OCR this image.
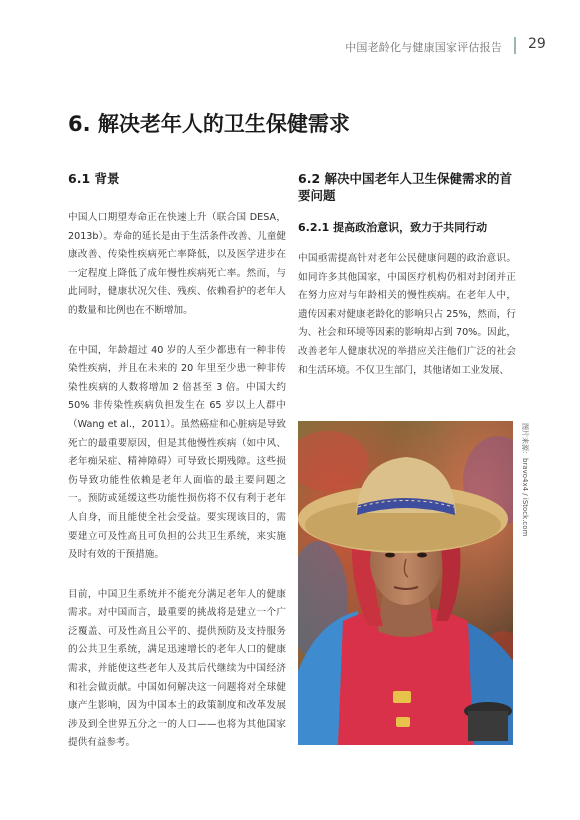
中国老龄化与健康国家评估报告 29
6. 解决老年人的卫生保健需求
6.1 背景

中国人口期望寿命正在快速上升（联合国 DESA，2013b）。寿命的延长是由于生活条件改善、儿童健康改善、传染性疾病死亡率降低，以及医学进步在一定程度上降低了成年慢性疾病死亡率。然而，与此同时，健康状况欠佳、残疾、依赖看护的老年人的数量和比例也在不断增加。

在中国，年龄超过 40 岁的人至少都患有一种非传染性疾病，并且在未来的 20 年里至少患一种非传染性疾病的人数将增加 2 倍甚至 3 倍。中国大约 50% 非传染性疾病负担发生在 65 岁以上人群中（Wang et al.，2011）。虽然癌症和心脏病是导致死亡的最重要原因，但是其他慢性疾病（如中风、老年痴呆症、精神障碍）可导致长期残障。这些损伤导致功能性依赖是老年人面临的最主要问题之一。预防或延缓这些功能性损伤将不仅有利于老年人自身，而且能使全社会受益。要实现该目的，需要建立可及性高且可负担的公共卫生系统，来实施及时有效的干预措施。

目前，中国卫生系统并不能充分满足老年人的健康需求。对中国而言，最重要的挑战将是建立一个广泛覆盖、可及性高且公平的、提供预防及支持服务的公共卫生系统，满足迅速增长的老年人口的健康需求，并能使这些老年人及其后代继续为中国经济和社会做贡献。中国如何解决这一问题将对全球健康产生影响，因为中国本土的政策制度和改革发展涉及到全世界五分之一的人口——也将为其他国家提供有益参考。

6.2 解决中国老年人卫生保健需求的首要问题
6.2.1 提高政治意识，致力于共同行动

中国亟需提高针对老年公民健康问题的政治意识。如同许多其他国家，中国医疗机构仍相对封闭并正在努力应对与年龄相关的慢性疾病。在老年人中，遗传因素对健康老龄化的影响只占 25%，然而，行为、社会和环境等因素的影响却占到 70%。因此，改善老年人健康状况的举措应关注他们广泛的社会和生活环境。不仅卫生部门，其他诸如工业发展、

图片来源：bravo4x4 / iStock.com
